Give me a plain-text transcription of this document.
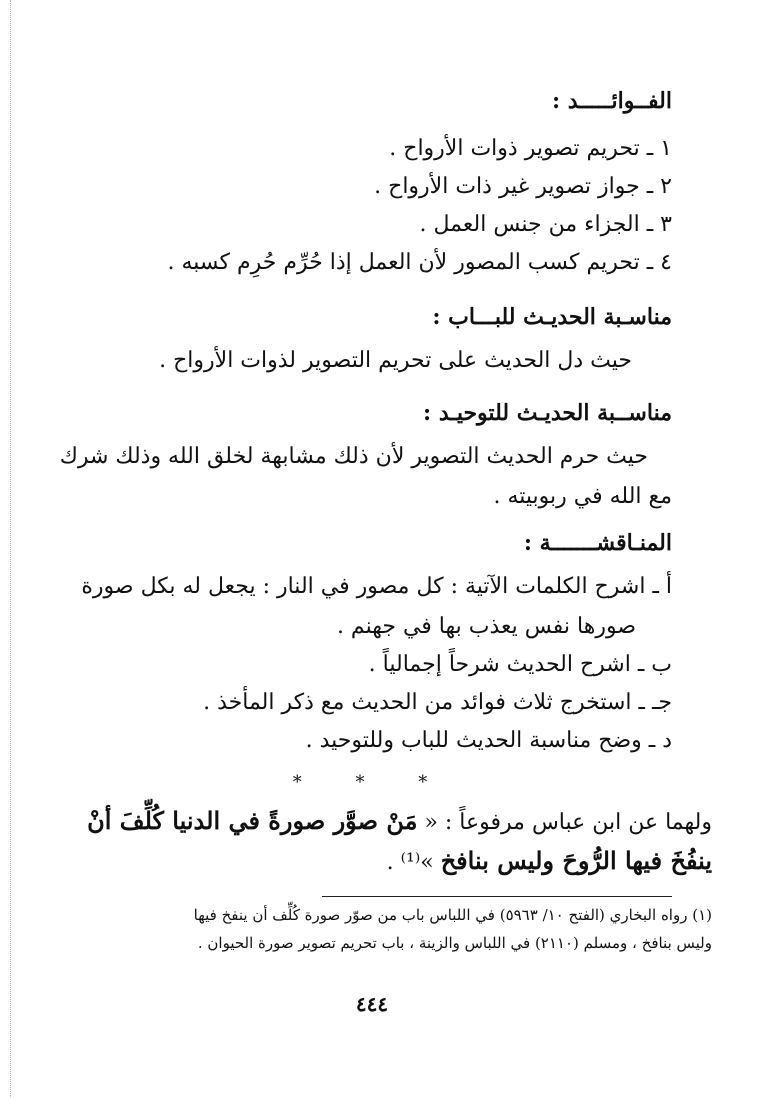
الفــوائـــــد :
١ ـ تحريم تصوير ذوات الأرواح .
٢ ـ جواز تصوير غير ذات الأرواح .
٣ ـ الجزاء من جنس العمل .
٤ ـ تحريم كسب المصور لأن العمل إذا حُرِّم حُرِم كسبه .
مناسـبة الحديـث للبـــاب :
حيث دل الحديث على تحريم التصوير لذوات الأرواح .
مناســبة الحديـث للتوحيـد :
حيث حرم الحديث التصوير لأن ذلك مشابهة لخلق الله وذلك شرك
مع الله في ربوبيته .
المنـاقشـــــــة :
أ ـ اشرح الكلمات الآتية : كل مصور في النار : يجعل له بكل صورة
صورها نفس يعذب بها في جهنم .
ب ـ اشرح الحديث شرحاً إجمالياً .
جـ ـ استخرج ثلاث فوائد من الحديث مع ذكر المأخذ .
د ـ وضح مناسبة الحديث للباب وللتوحيد .
* * *
ولهما عن ابن عباس مرفوعاً : « مَنْ صوَّر صورةً في الدنيا كُلِّفَ أنْ
ينفُخَ فيها الرُّوحَ وليس بنافخ »⁽¹⁾ .
(١) رواه البخاري (الفتح ١٠/ ٥٩٦٣) في اللباس باب من صوّر صورة كُلِّف أن ينفخ فيها
وليس بنافخ ، ومسلم (٢١١٠) في اللباس والزينة ، باب تحريم تصوير صورة الحيوان .
٤٤٤
